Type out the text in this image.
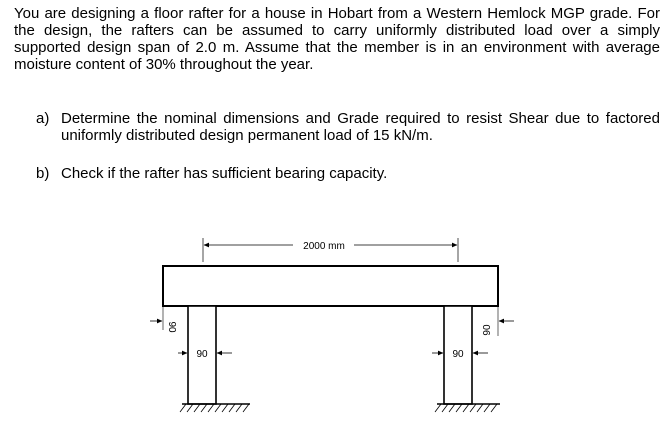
You are designing a floor rafter for a house in Hobart from a Western Hemlock MGP grade. For the design, the rafters can be assumed to carry uniformly distributed load over a simply supported design span of 2.0 m. Assume that the member is in an environment with average moisture content of 30% throughout the year.
a) Determine the nominal dimensions and Grade required to resist Shear due to factored uniformly distributed design permanent load of 15 kN/m.
b) Check if the rafter has sufficient bearing capacity.
2000 mm
90	90
90	90
